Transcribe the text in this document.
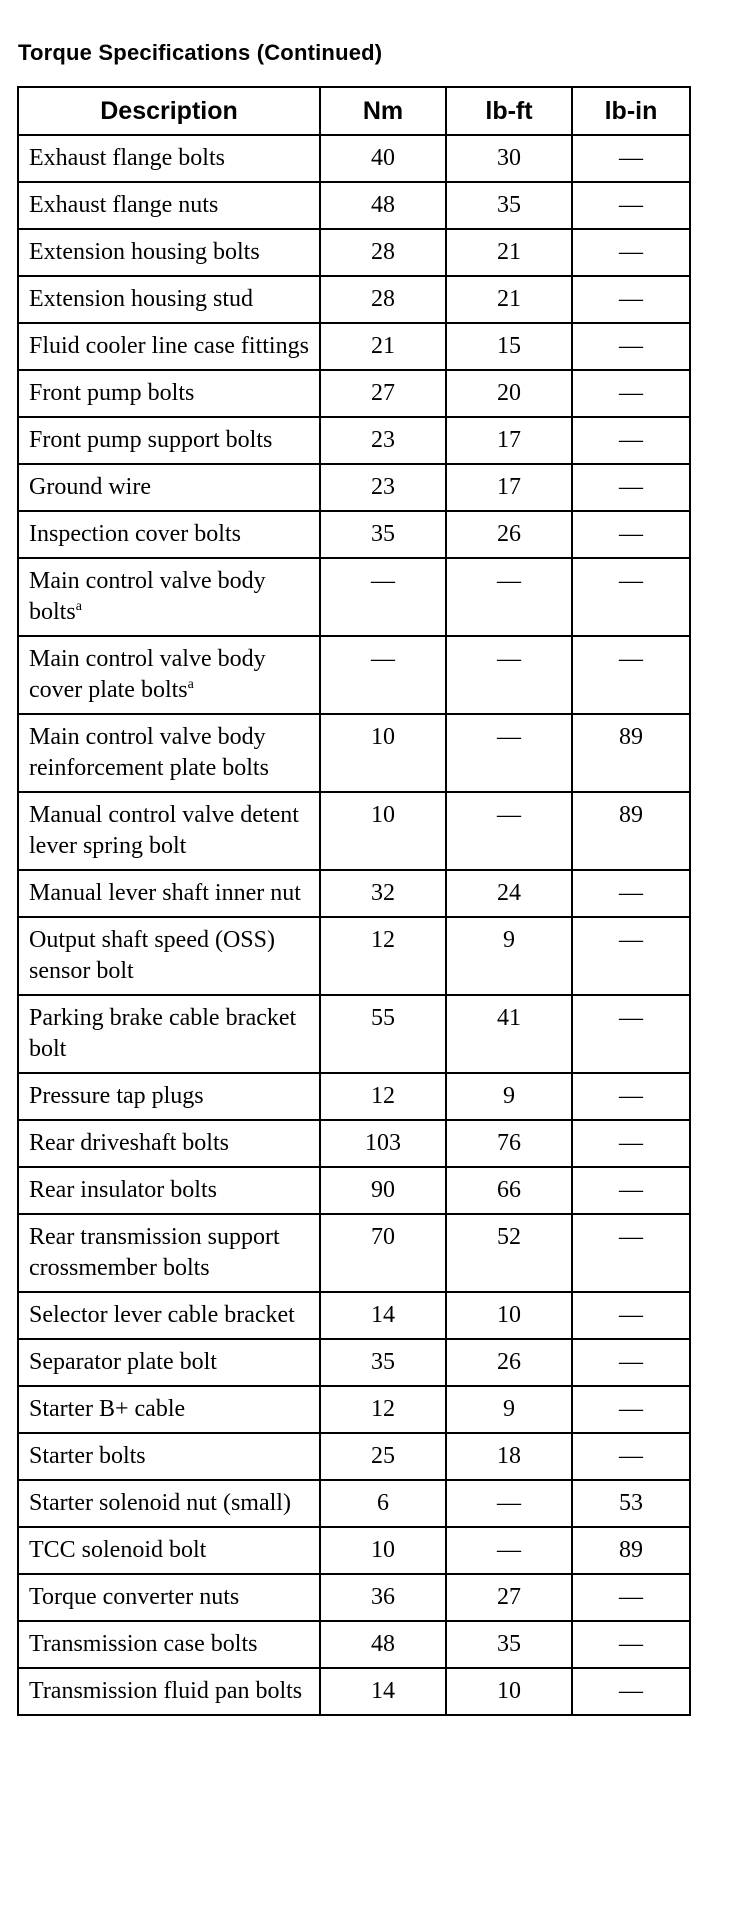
Torque Specifications (Continued)
Description	Nm	lb-ft	lb-in
Exhaust flange bolts	40	30	—
Exhaust flange nuts	48	35	—
Extension housing bolts	28	21	—
Extension housing stud	28	21	—
Fluid cooler line case fittings	21	15	—
Front pump bolts	27	20	—
Front pump support bolts	23	17	—
Ground wire	23	17	—
Inspection cover bolts	35	26	—
Main control valve body bolts$^a$	—	—	—
Main control valve body cover plate bolts$^a$	—	—	—
Main control valve body reinforcement plate bolts	10	—	89
Manual control valve detent lever spring bolt	10	—	89
Manual lever shaft inner nut	32	24	—
Output shaft speed (OSS) sensor bolt	12	9	—
Parking brake cable bracket bolt	55	41	—
Pressure tap plugs	12	9	—
Rear driveshaft bolts	103	76	—
Rear insulator bolts	90	66	—
Rear transmission support crossmember bolts	70	52	—
Selector lever cable bracket	14	10	—
Separator plate bolt	35	26	—
Starter B+ cable	12	9	—
Starter bolts	25	18	—
Starter solenoid nut (small)	6	—	53
TCC solenoid bolt	10	—	89
Torque converter nuts	36	27	—
Transmission case bolts	48	35	—
Transmission fluid pan bolts	14	10	—
